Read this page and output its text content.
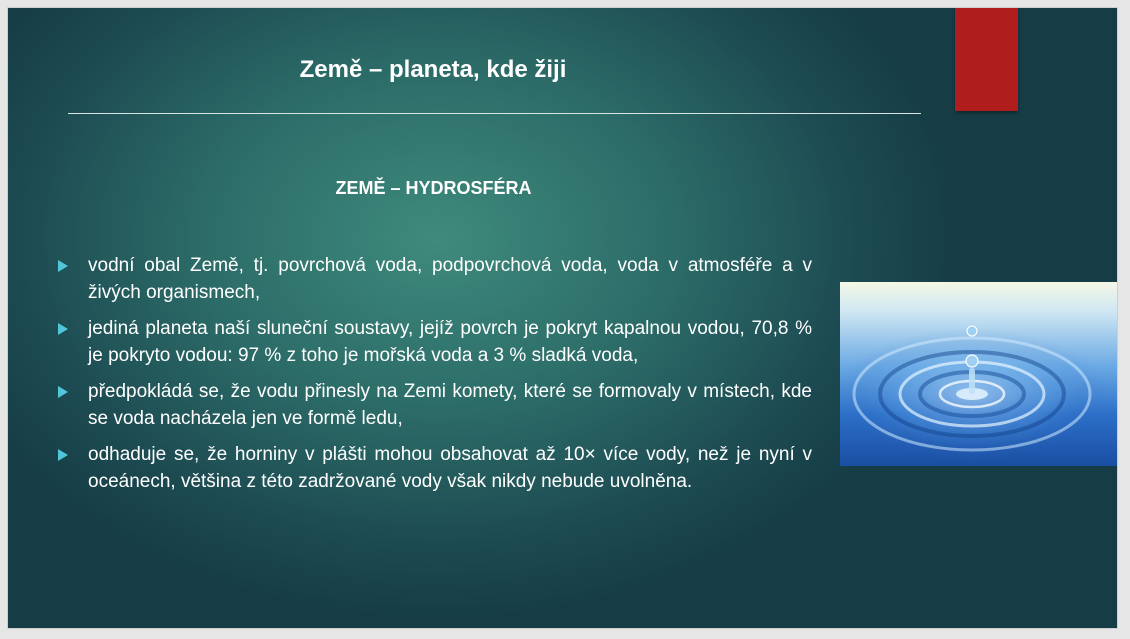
Země – planeta, kde žiji
ZEMĚ – HYDROSFÉRA
vodní obal Země, tj. povrchová voda, podpovrchová voda, voda v atmosféře a v živých organismech,
jediná planeta naší sluneční soustavy, jejíž povrch je pokryt kapalnou vodou, 70,8 % je pokryto vodou: 97 % z toho je mořská voda a 3 % sladká voda,
předpokládá se, že vodu přinesly na Zemi komety, které se formovaly v místech, kde se voda nacházela jen ve formě ledu,
odhaduje se, že horniny v plášti mohou obsahovat až 10× více vody, než je nyní v oceánech, většina z této zadržované vody však nikdy nebude uvolněna.
